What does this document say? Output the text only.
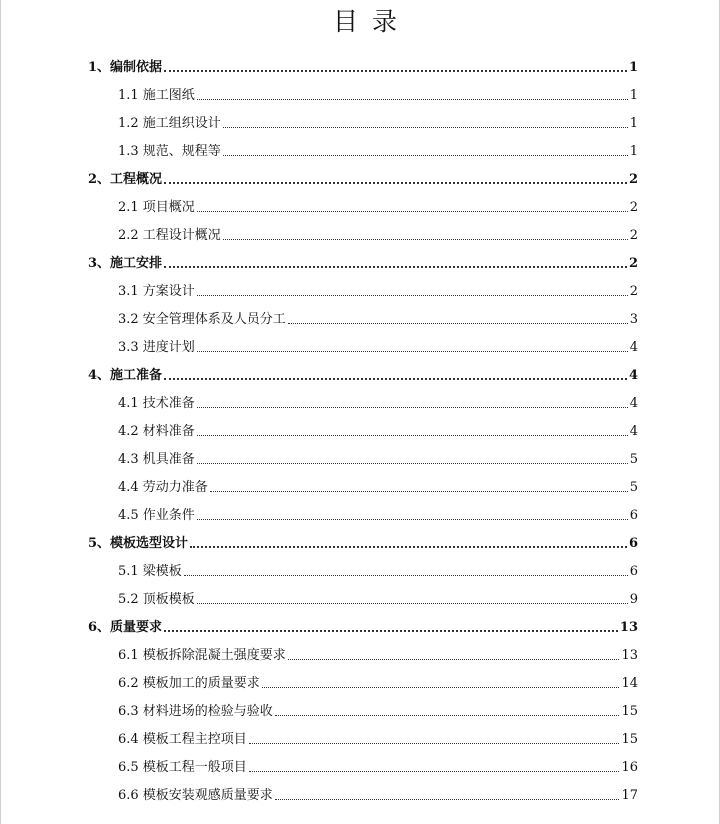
目 录
1、编制依据	1
1.1 施工图纸	1
1.2 施工组织设计	1
1.3 规范、规程等	1
2、工程概况	2
2.1 项目概况	2
2.2 工程设计概况	2
3、施工安排	2
3.1 方案设计	2
3.2 安全管理体系及人员分工	3
3.3 进度计划	4
4、施工准备	4
4.1 技术准备	4
4.2 材料准备	4
4.3 机具准备	5
4.4 劳动力准备	5
4.5 作业条件	6
5、模板选型设计	6
5.1 梁模板	6
5.2 顶板模板	9
6、质量要求	13
6.1 模板拆除混凝土强度要求	13
6.2 模板加工的质量要求	14
6.3 材料进场的检验与验收	15
6.4 模板工程主控项目	15
6.5 模板工程一般项目	16
6.6 模板安装观感质量要求	17
